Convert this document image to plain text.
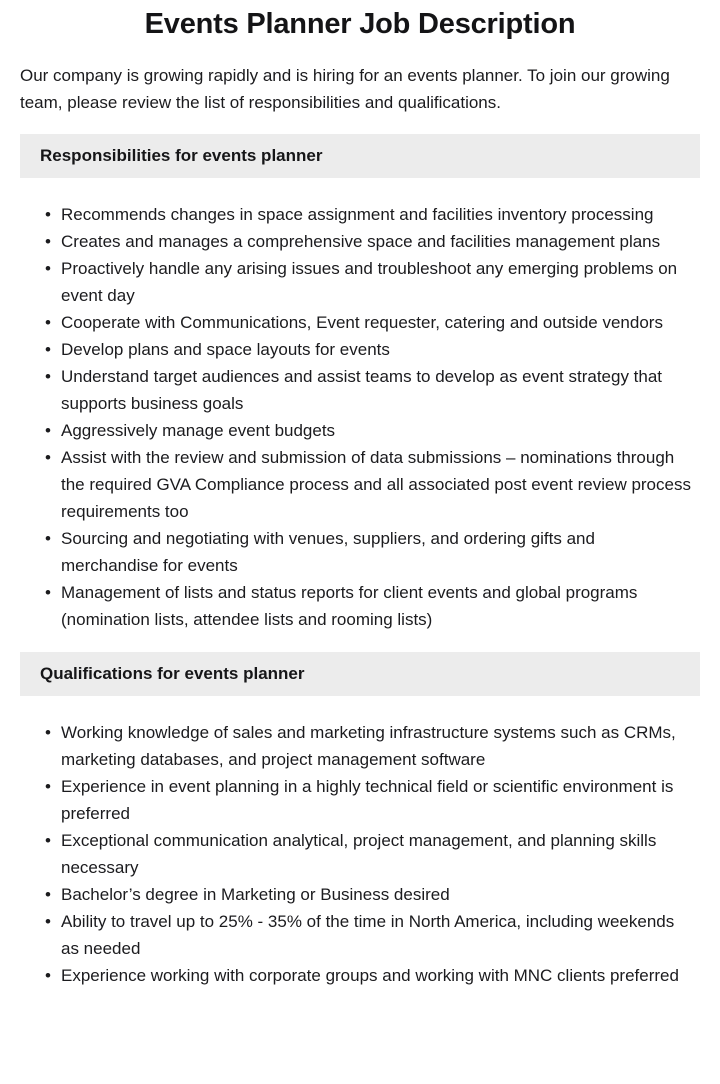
Events Planner Job Description

Our company is growing rapidly and is hiring for an events planner. To join our growing team, please review the list of responsibilities and qualifications.

Responsibilities for events planner
• Recommends changes in space assignment and facilities inventory processing
• Creates and manages a comprehensive space and facilities management plans
• Proactively handle any arising issues and troubleshoot any emerging problems on event day
• Cooperate with Communications, Event requester, catering and outside vendors
• Develop plans and space layouts for events
• Understand target audiences and assist teams to develop as event strategy that supports business goals
• Aggressively manage event budgets
• Assist with the review and submission of data submissions – nominations through the required GVA Compliance process and all associated post event review process requirements too
• Sourcing and negotiating with venues, suppliers, and ordering gifts and merchandise for events
• Management of lists and status reports for client events and global programs (nomination lists, attendee lists and rooming lists)
Qualifications for events planner
• Working knowledge of sales and marketing infrastructure systems such as CRMs, marketing databases, and project management software
• Experience in event planning in a highly technical field or scientific environment is preferred
• Exceptional communication analytical, project management, and planning skills necessary
• Bachelor’s degree in Marketing or Business desired
• Ability to travel up to 25% - 35% of the time in North America, including weekends as needed
• Experience working with corporate groups and working with MNC clients preferred
